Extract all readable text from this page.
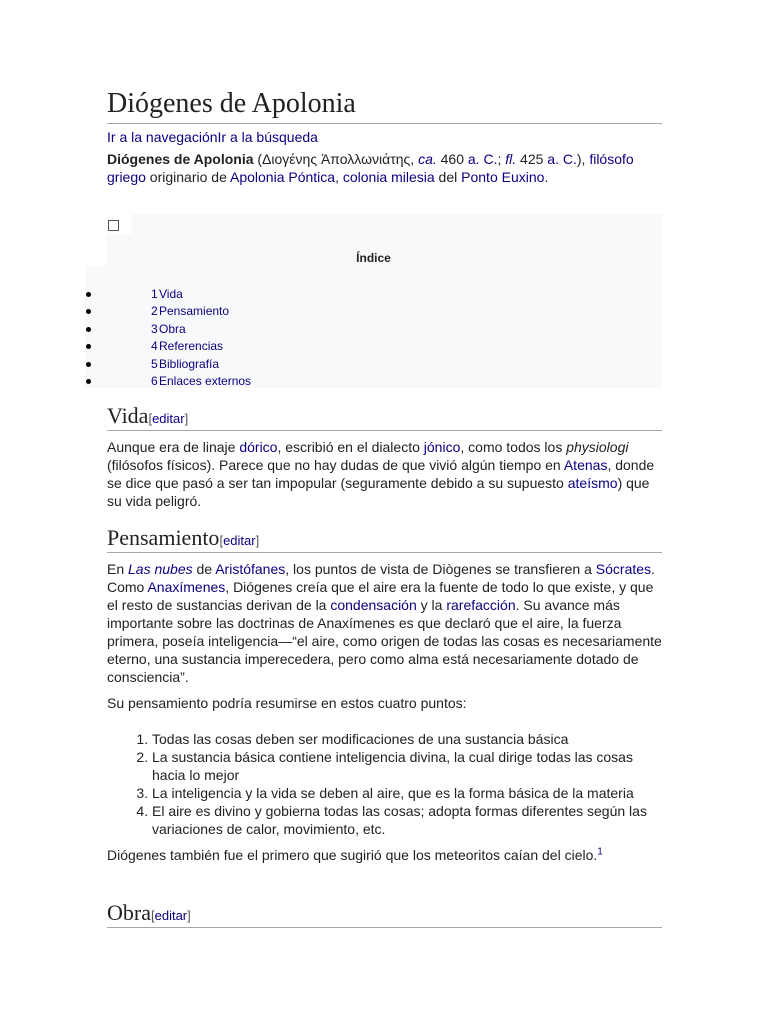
Diógenes de Apolonia
Ir a la navegaciónIr a la búsqueda

Diógenes de Apolonia (Διογένης Ἀπολλωνιάτης, ca. 460 a. C.; fl. 425 a. C.), filósofo griego originario de Apolonia Póntica, colonia milesia del Ponto Euxino.

Índice
1 Vida
2 Pensamiento
3 Obra
4 Referencias
5 Bibliografía
6 Enlaces externos
Vida[editar]

Aunque era de linaje dórico, escribió en el dialecto jónico, como todos los physiologi (filósofos físicos). Parece que no hay dudas de que vivió algún tiempo en Atenas, donde se dice que pasó a ser tan impopular (seguramente debido a su supuesto ateísmo) que su vida peligró.

Pensamiento[editar]

En Las nubes de Aristófanes, los puntos de vista de Diògenes se transfieren a Sócrates. Como Anaxímenes, Diógenes creía que el aire era la fuente de todo lo que existe, y que el resto de sustancias derivan de la condensación y la rarefacción. Su avance más importante sobre las doctrinas de Anaxímenes es que declaró que el aire, la fuerza primera, poseía inteligencia—“el aire, como origen de todas las cosas es necesariamente eterno, una sustancia imperecedera, pero como alma está necesariamente dotado de consciencia”.

Su pensamiento podría resumirse en estos cuatro puntos:

1. Todas las cosas deben ser modificaciones de una sustancia básica
2. La sustancia básica contiene inteligencia divina, la cual dirige todas las cosas hacia lo mejor
3. La inteligencia y la vida se deben al aire, que es la forma básica de la materia
4. El aire es divino y gobierna todas las cosas; adopta formas diferentes según las variaciones de calor, movimiento, etc.

Diógenes también fue el primero que sugirió que los meteoritos caían del cielo.$^1$

Obra[editar]
